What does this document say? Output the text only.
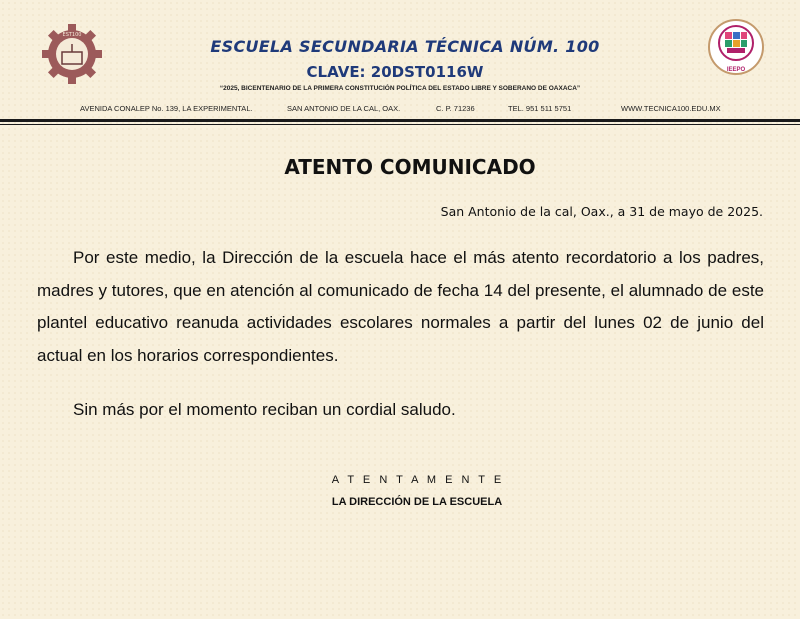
EST100
ESCUELA SECUNDARIA TÉCNICA NÚM. 100
CLAVE: 20DST0116W
“2025, BICENTENARIO DE LA PRIMERA CONSTITUCIÓN POLÍTICA DEL ESTADO LIBRE Y SOBERANO DE OAXACA”
IEEPO
AVENIDA CONALEP No. 139, LA EXPERIMENTAL.	SAN ANTONIO DE LA CAL, OAX.	C. P. 71236	TEL. 951 511 5751	WWW.TECNICA100.EDU.MX
ATENTO COMUNICADO
San Antonio de la cal, Oax., a 31 de mayo de 2025.
Por este medio, la Dirección de la escuela hace el más atento recordatorio a los padres, madres y tutores, que en atención al comunicado de fecha 14 del presente, el alumnado de este plantel educativo reanuda actividades escolares normales a partir del lunes 02 de junio del actual en los horarios correspondientes.
Sin más por el momento reciban un cordial saludo.
A T E N T A M E N T E
LA DIRECCIÓN DE LA ESCUELA
